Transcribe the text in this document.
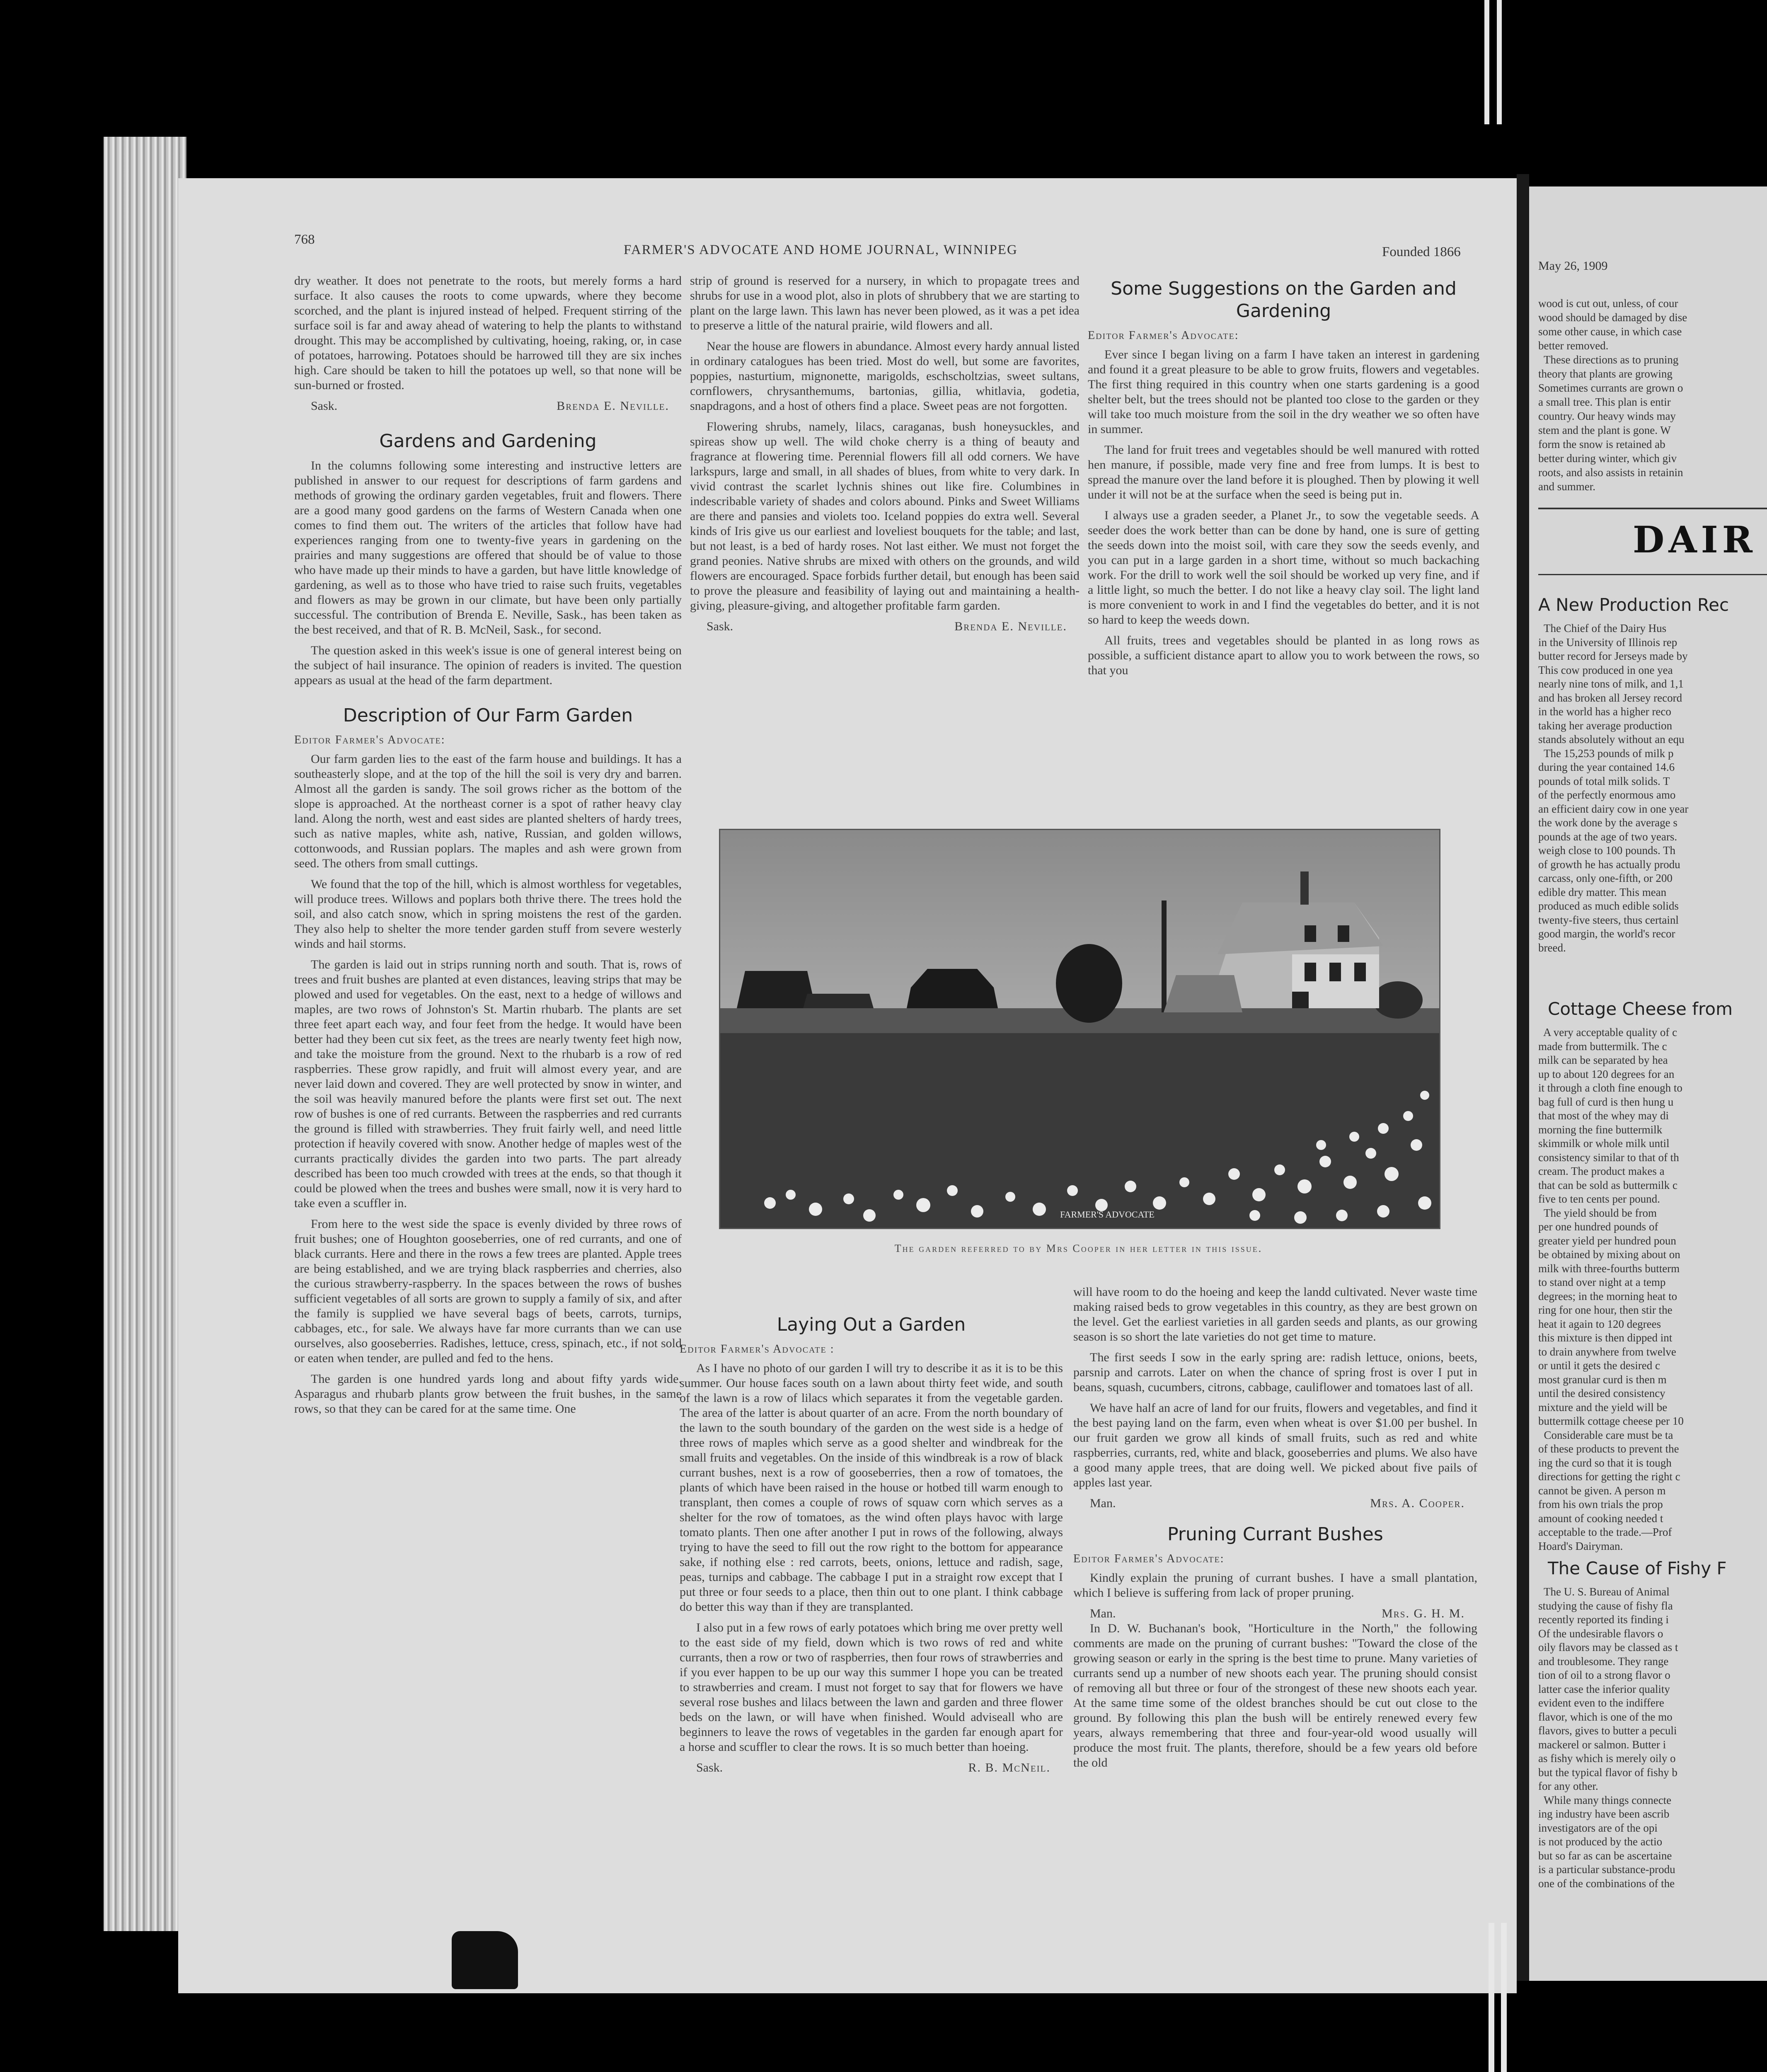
768
FARMER'S ADVOCATE AND HOME JOURNAL, WINNIPEG	Founded 1866

dry weather. It does not penetrate to the roots, but merely forms a hard surface. It also causes the roots to come upwards, where they become scorched, and the plant is injured instead of helped. Frequent stirring of the surface soil is far and away ahead of watering to help the plants to withstand drought. This may be accomplished by cultivating, hoeing, raking, or, in case of potatoes, harrowing. Potatoes should be harrowed till they are six inches high. Care should be taken to hill the potatoes up well, so that none will be sun-burned or frosted.

Sask.	Brenda E. Neville.
Gardens and Gardening

In the columns following some interesting and instructive letters are published in answer to our request for descriptions of farm gardens and methods of growing the ordinary garden vegetables, fruit and flowers. There are a good many good gardens on the farms of Western Canada when one comes to find them out. The writers of the articles that follow have had experiences ranging from one to twenty-five years in gardening on the prairies and many suggestions are offered that should be of value to those who have made up their minds to have a garden, but have little knowledge of gardening, as well as to those who have tried to raise such fruits, vegetables and flowers as may be grown in our climate, but have been only partially successful. The contribution of Brenda E. Neville, Sask., has been taken as the best received, and that of R. B. McNeil, Sask., for second.

The question asked in this week's issue is one of general interest being on the subject of hail insurance. The opinion of readers is invited. The question appears as usual at the head of the farm department.

Description of Our Farm Garden

Editor Farmer's Advocate:

Our farm garden lies to the east of the farm house and buildings. It has a southeasterly slope, and at the top of the hill the soil is very dry and barren. Almost all the garden is sandy. The soil grows richer as the bottom of the slope is approached. At the northeast corner is a spot of rather heavy clay land. Along the north, west and east sides are planted shelters of hardy trees, such as native maples, white ash, native, Russian, and golden willows, cottonwoods, and Russian poplars. The maples and ash were grown from seed. The others from small cuttings.

We found that the top of the hill, which is almost worthless for vegetables, will produce trees. Willows and poplars both thrive there. The trees hold the soil, and also catch snow, which in spring moistens the rest of the garden. They also help to shelter the more tender garden stuff from severe westerly winds and hail storms.

The garden is laid out in strips running north and south. That is, rows of trees and fruit bushes are planted at even distances, leaving strips that may be plowed and used for vegetables. On the east, next to a hedge of willows and maples, are two rows of Johnston's St. Martin rhubarb. The plants are set three feet apart each way, and four feet from the hedge. It would have been better had they been cut six feet, as the trees are nearly twenty feet high now, and take the moisture from the ground. Next to the rhubarb is a row of red raspberries. These grow rapidly, and fruit will almost every year, and are never laid down and covered. They are well protected by snow in winter, and the soil was heavily manured before the plants were first set out. The next row of bushes is one of red currants. Between the raspberries and red currants the ground is filled with strawberries. They fruit fairly well, and need little protection if heavily covered with snow. Another hedge of maples west of the currants practically divides the garden into two parts. The part already described has been too much crowded with trees at the ends, so that though it could be plowed when the trees and bushes were small, now it is very hard to take even a scuffler in.

From here to the west side the space is evenly divided by three rows of fruit bushes; one of Houghton gooseberries, one of red currants, and one of black currants. Here and there in the rows a few trees are planted. Apple trees are being established, and we are trying black raspberries and cherries, also the curious strawberry-raspberry. In the spaces between the rows of bushes sufficient vegetables of all sorts are grown to supply a family of six, and after the family is supplied we have several bags of beets, carrots, turnips, cabbages, etc., for sale. We always have far more currants than we can use ourselves, also gooseberries. Radishes, lettuce, cress, spinach, etc., if not sold or eaten when tender, are pulled and fed to the hens.

The garden is one hundred yards long and about fifty yards wide. Asparagus and rhubarb plants grow between the fruit bushes, in the same rows, so that they can be cared for at the same time. One

strip of ground is reserved for a nursery, in which to propagate trees and shrubs for use in a wood plot, also in plots of shrubbery that we are starting to plant on the large lawn. This lawn has never been plowed, as it was a pet idea to preserve a little of the natural prairie, wild flowers and all.

Near the house are flowers in abundance. Almost every hardy annual listed in ordinary catalogues has been tried. Most do well, but some are favorites, poppies, nasturtium, mignonette, marigolds, eschscholtzias, sweet sultans, cornflowers, chrysanthemums, bartonias, gillia, whitlavia, godetia, snapdragons, and a host of others find a place. Sweet peas are not forgotten.

Flowering shrubs, namely, lilacs, caraganas, bush honeysuckles, and spireas show up well. The wild choke cherry is a thing of beauty and fragrance at flowering time. Perennial flowers fill all odd corners. We have larkspurs, large and small, in all shades of blues, from white to very dark. In vivid contrast the scarlet lychnis shines out like fire. Columbines in indescribable variety of shades and colors abound. Pinks and Sweet Williams are there and pansies and violets too. Iceland poppies do extra well. Several kinds of Iris give us our earliest and loveliest bouquets for the table; and last, but not least, is a bed of hardy roses. Not last either. We must not forget the grand peonies. Native shrubs are mixed with others on the grounds, and wild flowers are encouraged. Space forbids further detail, but enough has been said to prove the pleasure and feasibility of laying out and maintaining a health-giving, pleasure-giving, and altogether profitable farm garden.

Sask.	Brenda E. Neville.
Some Suggestions on the Garden and Gardening

Editor Farmer's Advocate:

Ever since I began living on a farm I have taken an interest in gardening and found it a great pleasure to be able to grow fruits, flowers and vegetables. The first thing required in this country when one starts gardening is a good shelter belt, but the trees should not be planted too close to the garden or they will take too much moisture from the soil in the dry weather we so often have in summer.

The land for fruit trees and vegetables should be well manured with rotted hen manure, if possible, made very fine and free from lumps. It is best to spread the manure over the land before it is ploughed. Then by plowing it well under it will not be at the surface when the seed is being put in.

I always use a graden seeder, a Planet Jr., to sow the vegetable seeds. A seeder does the work better than can be done by hand, one is sure of getting the seeds down into the moist soil, with care they sow the seeds evenly, and you can put in a large garden in a short time, without so much backaching work. For the drill to work well the soil should be worked up very fine, and if a little light, so much the better. I do not like a heavy clay soil. The light land is more convenient to work in and I find the vegetables do better, and it is not so hard to keep the weeds down.

All fruits, trees and vegetables should be planted in as long rows as possible, a sufficient distance apart to allow you to work between the rows, so that you

FARMER'S ADVOCATE
The garden referred to by Mrs Cooper in her letter in this issue.
Laying Out a Garden

Editor Farmer's Advocate :

As I have no photo of our garden I will try to describe it as it is to be this summer. Our house faces south on a lawn about thirty feet wide, and south of the lawn is a row of lilacs which separates it from the vegetable garden. The area of the latter is about quarter of an acre. From the north boundary of the lawn to the south boundary of the garden on the west side is a hedge of three rows of maples which serve as a good shelter and windbreak for the small fruits and vegetables. On the inside of this windbreak is a row of black currant bushes, next is a row of gooseberries, then a row of tomatoes, the plants of which have been raised in the house or hotbed till warm enough to transplant, then comes a couple of rows of squaw corn which serves as a shelter for the row of tomatoes, as the wind often plays havoc with large tomato plants. Then one after another I put in rows of the following, always trying to have the seed to fill out the row right to the bottom for appearance sake, if nothing else : red carrots, beets, onions, lettuce and radish, sage, peas, turnips and cabbage. The cabbage I put in a straight row except that I put three or four seeds to a place, then thin out to one plant. I think cabbage do better this way than if they are transplanted.

I also put in a few rows of early potatoes which bring me over pretty well to the east side of my field, down which is two rows of red and white currants, then a row or two of raspberries, then four rows of strawberries and if you ever happen to be up our way this summer I hope you can be treated to strawberries and cream. I must not forget to say that for flowers we have several rose bushes and lilacs between the lawn and garden and three flower beds on the lawn, or will have when finished. Would adviseall who are beginners to leave the rows of vegetables in the garden far enough apart for a horse and scuffler to clear the rows. It is so much better than hoeing.

Sask.	R. B. McNeil.

will have room to do the hoeing and keep the landd cultivated. Never waste time making raised beds to grow vegetables in this country, as they are best grown on the level. Get the earliest varieties in all garden seeds and plants, as our growing season is so short the late varieties do not get time to mature.

The first seeds I sow in the early spring are: radish lettuce, onions, beets, parsnip and carrots. Later on when the chance of spring frost is over I put in beans, squash, cucumbers, citrons, cabbage, cauliflower and tomatoes last of all.

We have half an acre of land for our fruits, flowers and vegetables, and find it the best paying land on the farm, even when wheat is over $1.00 per bushel. In our fruit garden we grow all kinds of small fruits, such as red and white raspberries, currants, red, white and black, gooseberries and plums. We also have a good many apple trees, that are doing well. We picked about five pails of apples last year.

Man.	Mrs. A. Cooper.
Pruning Currant Bushes

Editor Farmer's Advocate:

Kindly explain the pruning of currant bushes. I have a small plantation, which I believe is suffering from lack of proper pruning.

Man.	Mrs. G. H. M.

In D. W. Buchanan's book, "Horticulture in the North," the following comments are made on the pruning of currant bushes: "Toward the close of the growing season or early in the spring is the best time to prune. Many varieties of currants send up a number of new shoots each year. The pruning should consist of removing all but three or four of the strongest of these new shoots each year. At the same time some of the oldest branches should be cut out close to the ground. By following this plan the bush will be entirely renewed every few years, always remembering that three and four-year-old wood usually will produce the most fruit. The plants, therefore, should be a few years old before the old

May 26, 1909
wood is cut out, unless, of cour
wood should be damaged by dise
some other cause, in which case
better removed.
These directions as to pruning
theory that plants are growing
Sometimes currants are grown o
a small tree. This plan is entir
country. Our heavy winds may
stem and the plant is gone. W
form the snow is retained ab
better during winter, which giv
roots, and also assists in retainin
and summer.
DAIR
A New Production Rec
The Chief of the Dairy Hus
in the University of Illinois rep
butter record for Jerseys made by
This cow produced in one yea
nearly nine tons of milk, and 1,1
and has broken all Jersey record
in the world has a higher reco
taking her average production
stands absolutely without an equ
The 15,253 pounds of milk p
during the year contained 14.6
pounds of total milk solids. T
of the perfectly enormous amo
an efficient dairy cow in one year
the work done by the average s
pounds at the age of two years.
weigh close to 100 pounds. Th
of growth he has actually produ
carcass, only one-fifth, or 200
edible dry matter. This mean
produced as much edible solids
twenty-five steers, thus certainl
good margin, the world's recor
breed.
Cottage Cheese from
A very acceptable quality of c
made from buttermilk. The c
milk can be separated by hea
up to about 120 degrees for an
it through a cloth fine enough to
bag full of curd is then hung u
that most of the whey may di
morning the fine buttermilk
skimmilk or whole milk until
consistency similar to that of th
cream. The product makes a
that can be sold as buttermilk c
five to ten cents per pound.
The yield should be from
per one hundred pounds of
greater yield per hundred poun
be obtained by mixing about on
milk with three-fourths butterm
to stand over night at a temp
degrees; in the morning heat to
ring for one hour, then stir the
heat it again to 120 degrees
this mixture is then dipped int
to drain anywhere from twelve
or until it gets the desired c
most granular curd is then m
until the desired consistency
mixture and the yield will be
buttermilk cottage cheese per 10
Considerable care must be ta
of these products to prevent the
ing the curd so that it is tough
directions for getting the right c
cannot be given. A person m
from his own trials the prop
amount of cooking needed t
acceptable to the trade.—Prof
Hoard's Dairyman.
The Cause of Fishy F
The U. S. Bureau of Animal
studying the cause of fishy fla
recently reported its finding i
Of the undesirable flavors o
oily flavors may be classed as t
and troublesome. They range
tion of oil to a strong flavor o
latter case the inferior quality
evident even to the indiffere
flavor, which is one of the mo
flavors, gives to butter a peculi
mackerel or salmon. Butter i
as fishy which is merely oily o
but the typical flavor of fishy b
for any other.
While many things connecte
ing industry have been ascrib
investigators are of the opi
is not produced by the actio
but so far as can be ascertaine
is a particular substance-produ
one of the combinations of the
